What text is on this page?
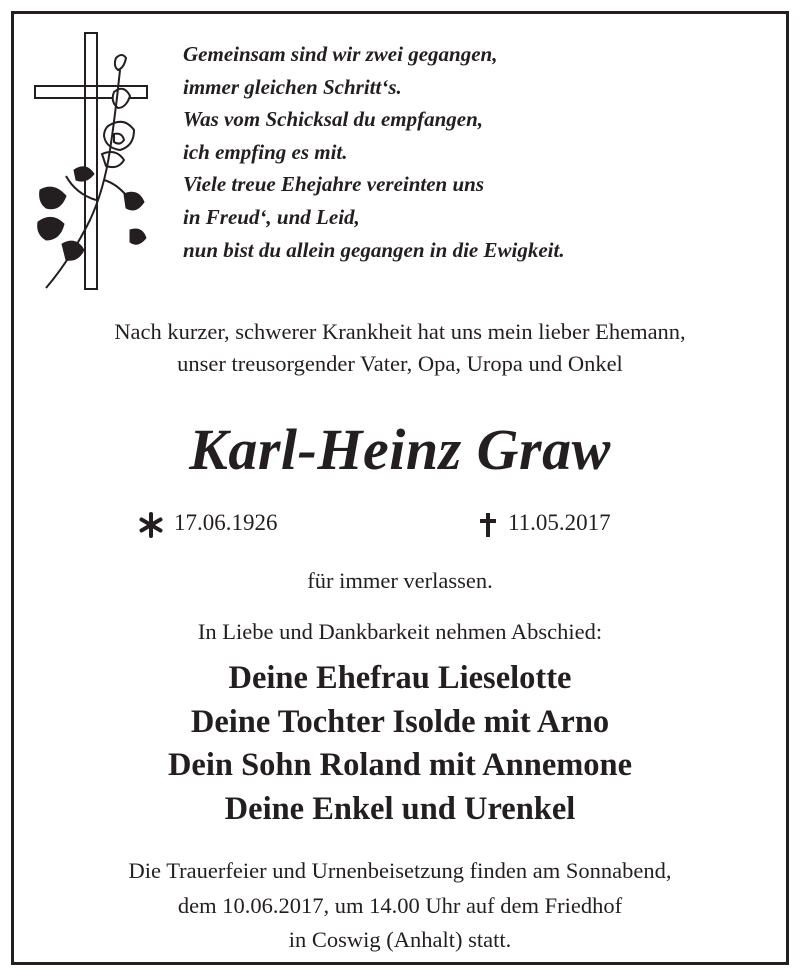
Gemeinsam sind wir zwei gegangen,
immer gleichen Schritt‘s.
Was vom Schicksal du empfangen,
ich empfing es mit.
Viele treue Ehejahre vereinten uns
in Freud‘, und Leid,
nun bist du allein gegangen in die Ewigkeit.
Nach kurzer, schwerer Krankheit hat uns mein lieber Ehemann,
unser treusorgender Vater, Opa, Uropa und Onkel
Karl-Heinz Graw
17.06.1926	11.05.2017
für immer verlassen.
In Liebe und Dankbarkeit nehmen Abschied:
Deine Ehefrau Lieselotte
Deine Tochter Isolde mit Arno
Dein Sohn Roland mit Annemone
Deine Enkel und Urenkel
Die Trauerfeier und Urnenbeisetzung finden am Sonnabend,
dem 10.06.2017, um 14.00 Uhr auf dem Friedhof
in Coswig (Anhalt) statt.
